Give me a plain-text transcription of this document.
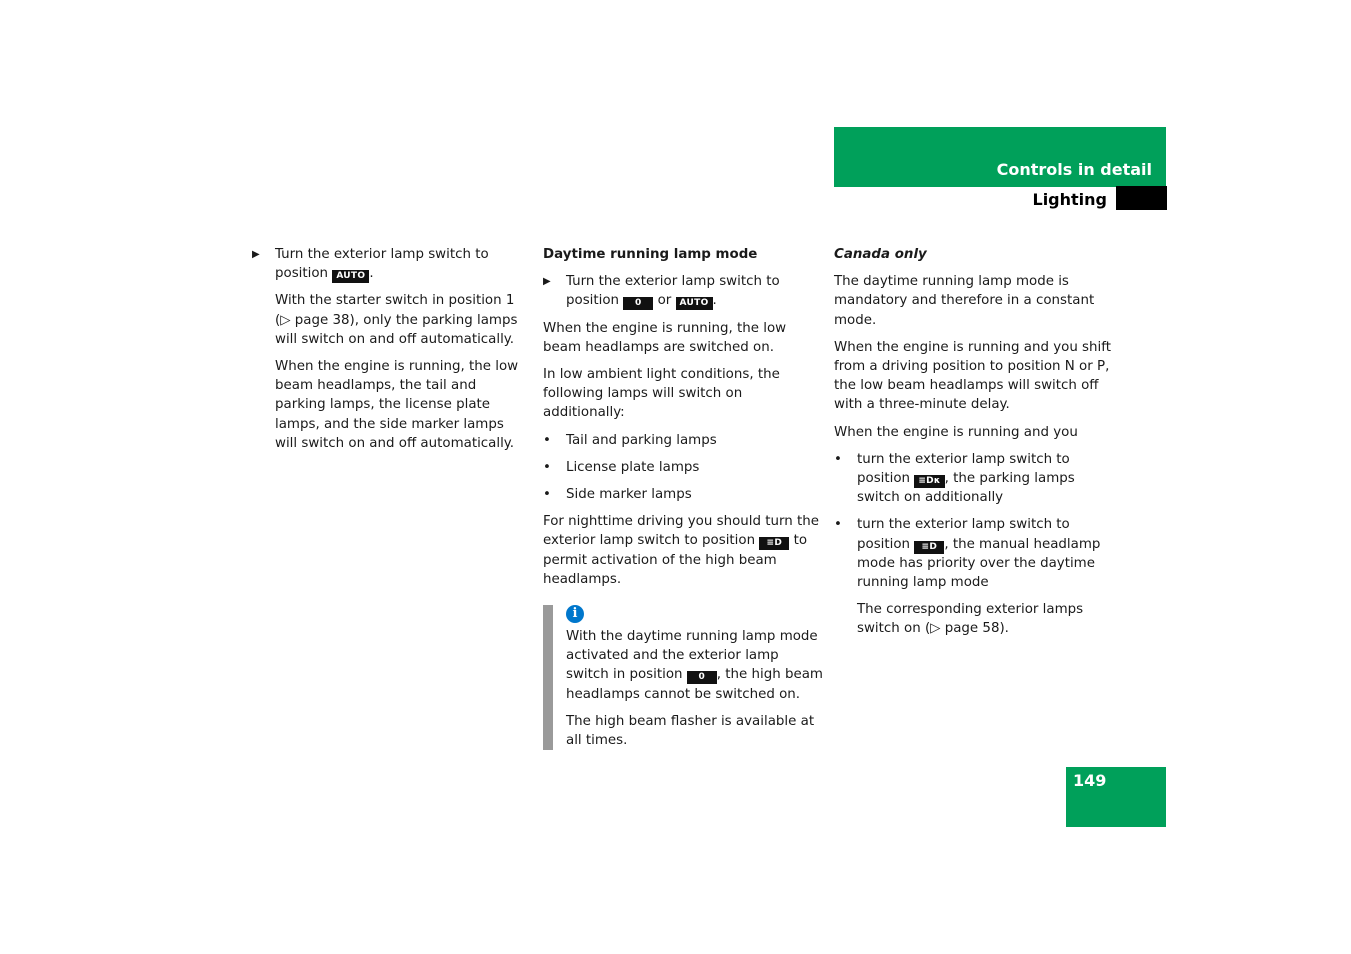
Controls in detail
Lighting
▶ Turn the exterior lamp switch to position AUTO .

With the starter switch in position 1 (▷ page 38), only the parking lamps will switch on and off automatically.

When the engine is running, the low beam headlamps, the tail and parking lamps, the license plate lamps, and the side marker lamps will switch on and off automatically.

Daytime running lamp mode
▶ Turn the exterior lamp switch to position 0 or AUTO .

When the engine is running, the low beam headlamps are switched on.

In low ambient light conditions, the following lamps will switch on additionally:

• Tail and parking lamps
• License plate lamps
• Side marker lamps

For nighttime driving you should turn the exterior lamp switch to position ≡D to permit activation of the high beam headlamps.

i

With the daytime running lamp mode activated and the exterior lamp switch in position 0 , the high beam headlamps cannot be switched on.

The high beam flasher is available at all times.

Canada only

The daytime running lamp mode is mandatory and therefore in a constant mode.

When the engine is running and you shift from a driving position to position N or P, the low beam headlamps will switch off with a three-minute delay.

When the engine is running and you

• turn the exterior lamp switch to position ≡Dκ , the parking lamps switch on additionally
• turn the exterior lamp switch to position ≡D , the manual headlamp mode has priority over the daytime running lamp mode

The corresponding exterior lamps switch on (▷ page 58).

149
